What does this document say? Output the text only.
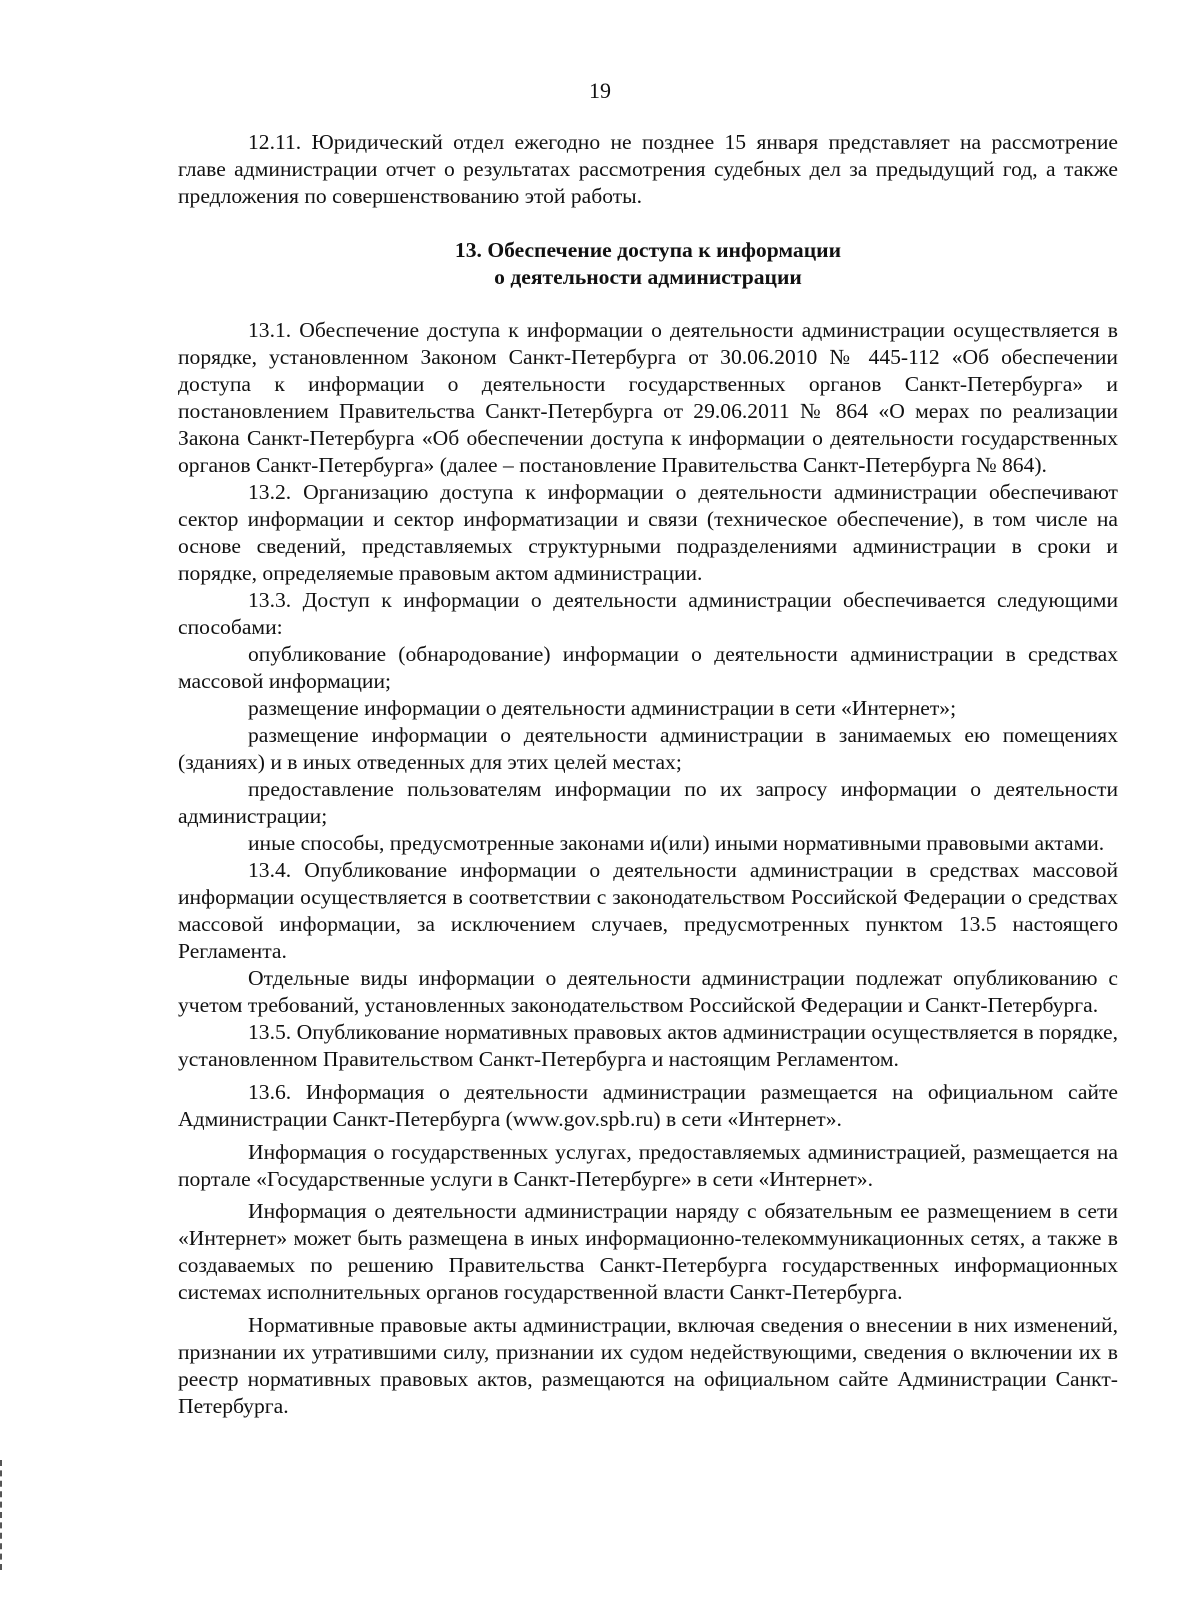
19

12.11. Юридический отдел ежегодно не позднее 15 января представляет на рассмотрение главе администрации отчет о результатах рассмотрения судебных дел за предыдущий год, а также предложения по совершенствованию этой работы.

13. Обеспечение доступа к информации
о деятельности администрации

13.1. Обеспечение доступа к информации о деятельности администрации осуществляется в порядке, установленном Законом Санкт-Петербурга от 30.06.2010 № 445-112 «Об обеспечении доступа к информации о деятельности государственных органов Санкт-Петербурга» и постановлением Правительства Санкт-Петербурга от 29.06.2011 № 864 «О мерах по реализации Закона Санкт-Петербурга «Об обеспечении доступа к информации о деятельности государственных органов Санкт-Петербурга» (далее – постановление Правительства Санкт-Петербурга № 864).

13.2. Организацию доступа к информации о деятельности администрации обеспечивают сектор информации и сектор информатизации и связи (техническое обеспечение), в том числе на основе сведений, представляемых структурными подразделениями администрации в сроки и порядке, определяемые правовым актом администрации.

13.3. Доступ к информации о деятельности администрации обеспечивается следующими способами:

опубликование (обнародование) информации о деятельности администрации в средствах массовой информации;

размещение информации о деятельности администрации в сети «Интернет»;

размещение информации о деятельности администрации в занимаемых ею помещениях (зданиях) и в иных отведенных для этих целей местах;

предоставление пользователям информации по их запросу информации о деятельности администрации;

иные способы, предусмотренные законами и(или) иными нормативными правовыми актами.

13.4. Опубликование информации о деятельности администрации в средствах массовой информации осуществляется в соответствии с законодательством Российской Федерации о средствах массовой информации, за исключением случаев, предусмотренных пунктом 13.5 настоящего Регламента.

Отдельные виды информации о деятельности администрации подлежат опубликованию с учетом требований, установленных законодательством Российской Федерации и Санкт-Петербурга.

13.5. Опубликование нормативных правовых актов администрации осуществляется в порядке, установленном Правительством Санкт-Петербурга и настоящим Регламентом.

13.6. Информация о деятельности администрации размещается на официальном сайте Администрации Санкт-Петербурга (www.gov.spb.ru) в сети «Интернет».

Информация о государственных услугах, предоставляемых администрацией, размещается на портале «Государственные услуги в Санкт-Петербурге» в сети «Интернет».

Информация о деятельности администрации наряду с обязательным ее размещением в сети «Интернет» может быть размещена в иных информационно-телекоммуникационных сетях, а также в создаваемых по решению Правительства Санкт-Петербурга государственных информационных системах исполнительных органов государственной власти Санкт-Петербурга.

Нормативные правовые акты администрации, включая сведения о внесении в них изменений, признании их утратившими силу, признании их судом недействующими, сведения о включении их в реестр нормативных правовых актов, размещаются на официальном сайте Администрации Санкт-Петербурга.
